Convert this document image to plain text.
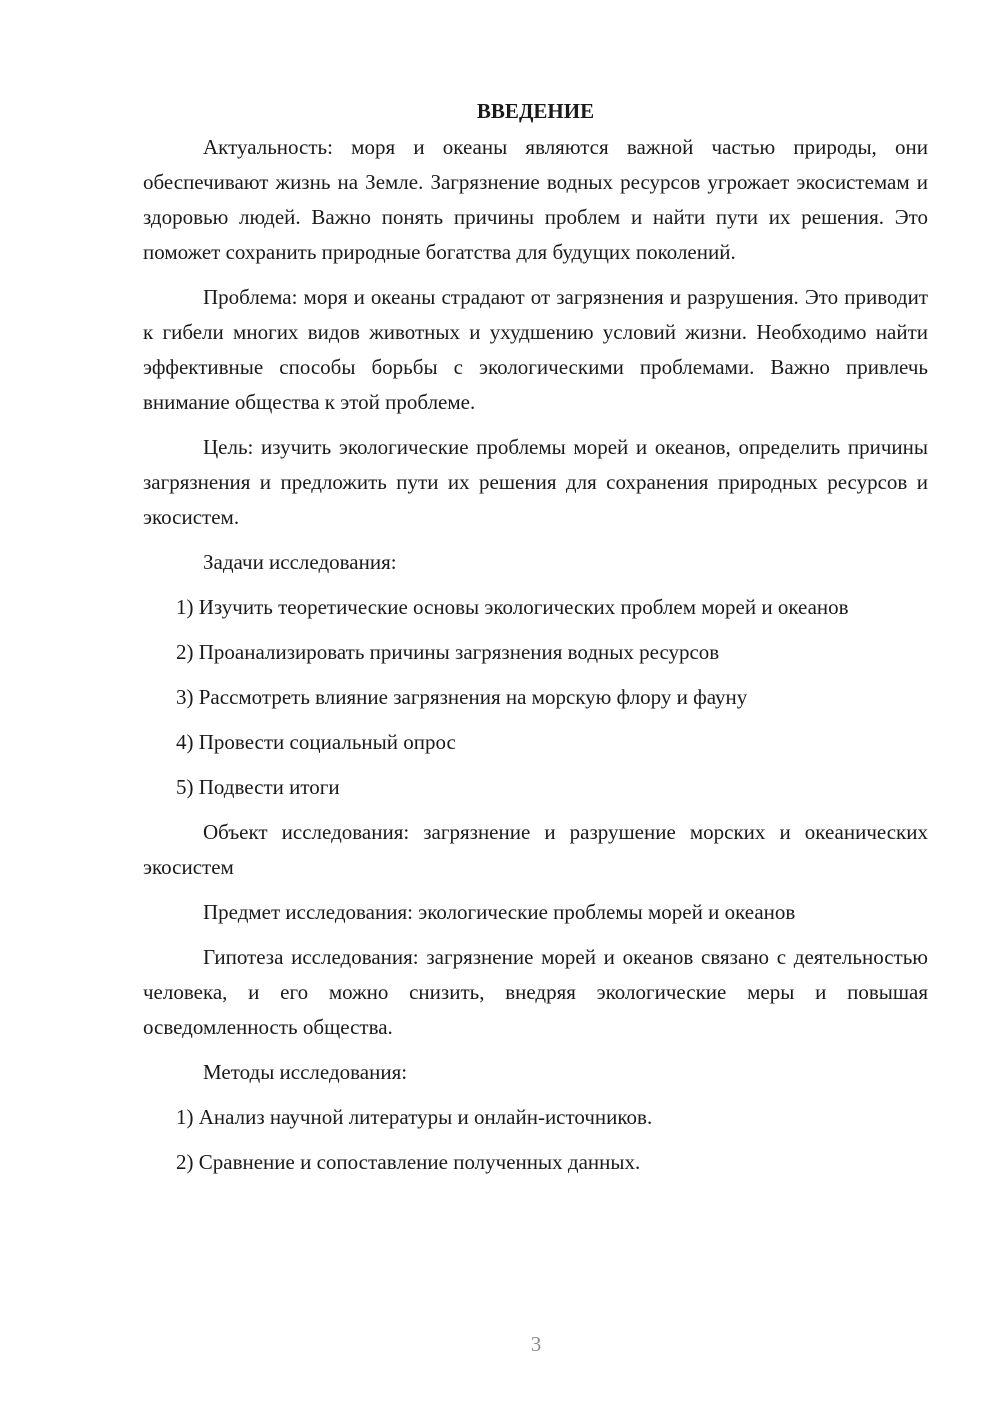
ВВЕДЕНИЕ

Актуальность: моря и океаны являются важной частью природы, они обеспечивают жизнь на Земле. Загрязнение водных ресурсов угрожает экосистемам и здоровью людей. Важно понять причины проблем и найти пути их решения. Это поможет сохранить природные богатства для будущих поколений.

Проблема: моря и океаны страдают от загрязнения и разрушения. Это приводит к гибели многих видов животных и ухудшению условий жизни. Необходимо найти эффективные способы борьбы с экологическими проблемами. Важно привлечь внимание общества к этой проблеме.

Цель: изучить экологические проблемы морей и океанов, определить причины загрязнения и предложить пути их решения для сохранения природных ресурсов и экосистем.

Задачи исследования:

1) Изучить теоретические основы экологических проблем морей и океанов

2) Проанализировать причины загрязнения водных ресурсов

3) Рассмотреть влияние загрязнения на морскую флору и фауну

4) Провести социальный опрос

5) Подвести итоги

Объект исследования: загрязнение и разрушение морских и океанических экосистем

Предмет исследования: экологические проблемы морей и океанов

Гипотеза исследования: загрязнение морей и океанов связано с деятельностью человека, и его можно снизить, внедряя экологические меры и повышая осведомленность общества.

Методы исследования:

1) Анализ научной литературы и онлайн-источников.

2) Сравнение и сопоставление полученных данных.

3
